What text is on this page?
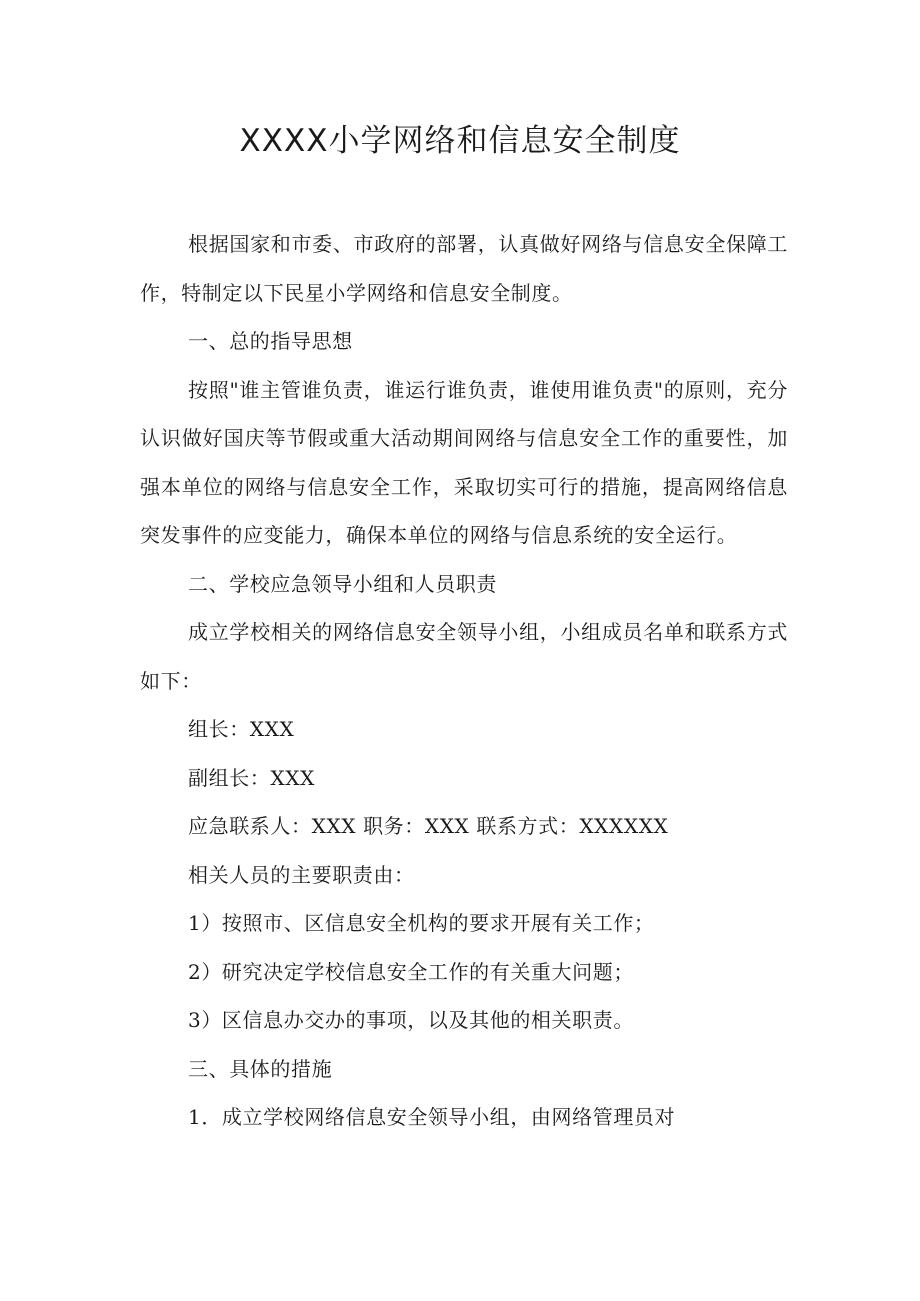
XXXX小学网络和信息安全制度

根据国家和市委、市政府的部署，认真做好网络与信息安全保障工作，特制定以下民星小学网络和信息安全制度。

一、总的指导思想

按照"谁主管谁负责，谁运行谁负责，谁使用谁负责"的原则，充分认识做好国庆等节假或重大活动期间网络与信息安全工作的重要性，加强本单位的网络与信息安全工作，采取切实可行的措施，提高网络信息突发事件的应变能力，确保本单位的网络与信息系统的安全运行。

二、学校应急领导小组和人员职责

成立学校相关的网络信息安全领导小组，小组成员名单和联系方式如下：

组长：XXX

副组长：XXX

应急联系人：XXX 职务：XXX 联系方式：XXXXXX

相关人员的主要职责由：

1）按照市、区信息安全机构的要求开展有关工作；

2）研究决定学校信息安全工作的有关重大问题；

3）区信息办交办的事项，以及其他的相关职责。

三、具体的措施

1．成立学校网络信息安全领导小组，由网络管理员对
